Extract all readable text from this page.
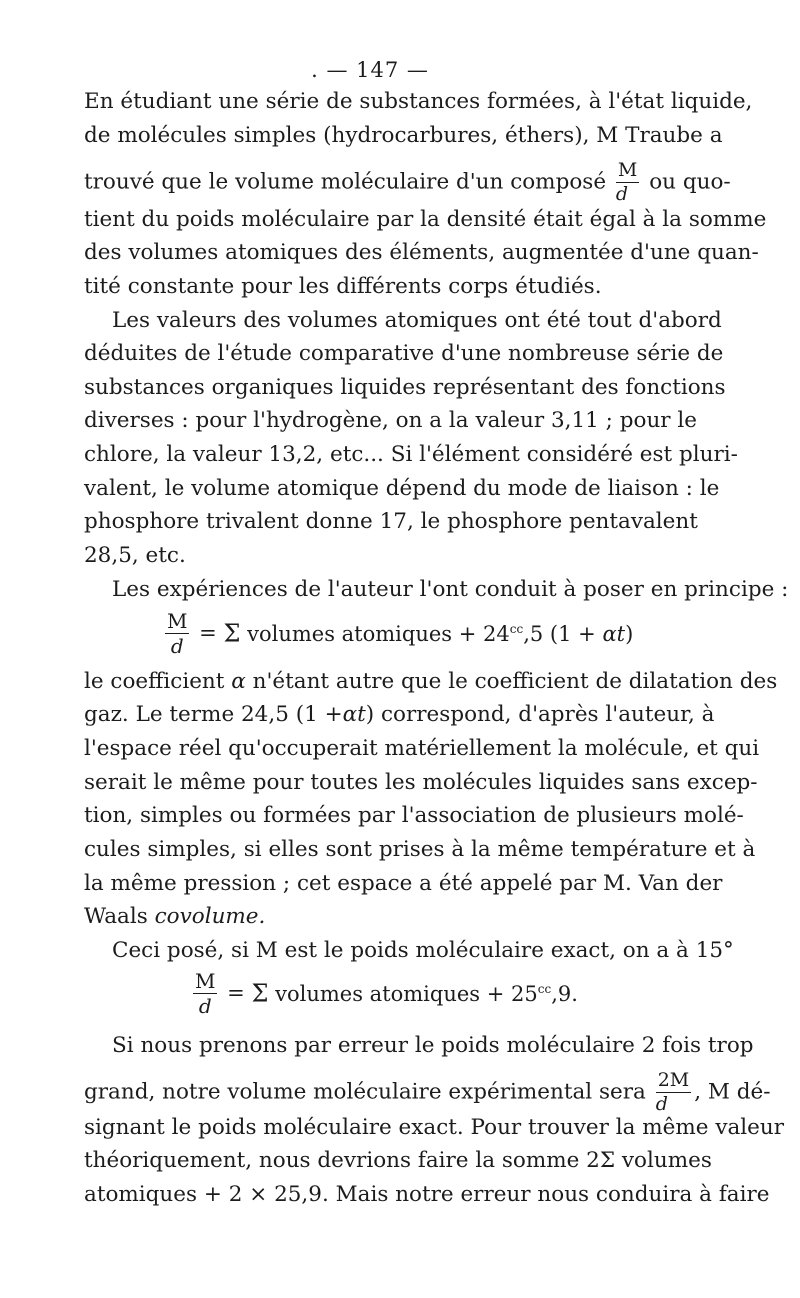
. — 147 —
En étudiant une série de substances formées, à l'état liquide,
de molécules simples (hydrocarbures, éthers), M Traube a
trouvé que le volume moléculaire d'un composé $\frac{M}{d}$ ou quo-
tient du poids moléculaire par la densité était égal à la somme
des volumes atomiques des éléments, augmentée d'une quan-
tité constante pour les différents corps étudiés.
Les valeurs des volumes atomiques ont été tout d'abord
déduites de l'étude comparative d'une nombreuse série de
substances organiques liquides représentant des fonctions
diverses : pour l'hydrogène, on a la valeur 3,11 ; pour le
chlore, la valeur 13,2, etc... Si l'élément considéré est pluri-
valent, le volume atomique dépend du mode de liaison : le
phosphore trivalent donne 17, le phosphore pentavalent
28,5, etc.
Les expériences de l'auteur l'ont conduit à poser en principe :
$\frac{M}{d} = \Sigma$ volumes atomiques + $24^{cc},5$ (1 + αt)
le coefficient α n'étant autre que le coefficient de dilatation des
gaz. Le terme 24,5 (1 +αt) correspond, d'après l'auteur, à
l'espace réel qu'occuperait matériellement la molécule, et qui
serait le même pour toutes les molécules liquides sans excep-
tion, simples ou formées par l'association de plusieurs molé-
cules simples, si elles sont prises à la même température et à
la même pression ; cet espace a été appelé par M. Van der
Waals covolume.
Ceci posé, si M est le poids moléculaire exact, on a à 15°
$\frac{M}{d} = \Sigma$ volumes atomiques + $25^{cc},9$.
Si nous prenons par erreur le poids moléculaire 2 fois trop
grand, notre volume moléculaire expérimental sera $\frac{2M}{d}$ , M dé-
signant le poids moléculaire exact. Pour trouver la même valeur
théoriquement, nous devrions faire la somme 2Σ volumes
atomiques + 2 × 25,9. Mais notre erreur nous conduira à faire
